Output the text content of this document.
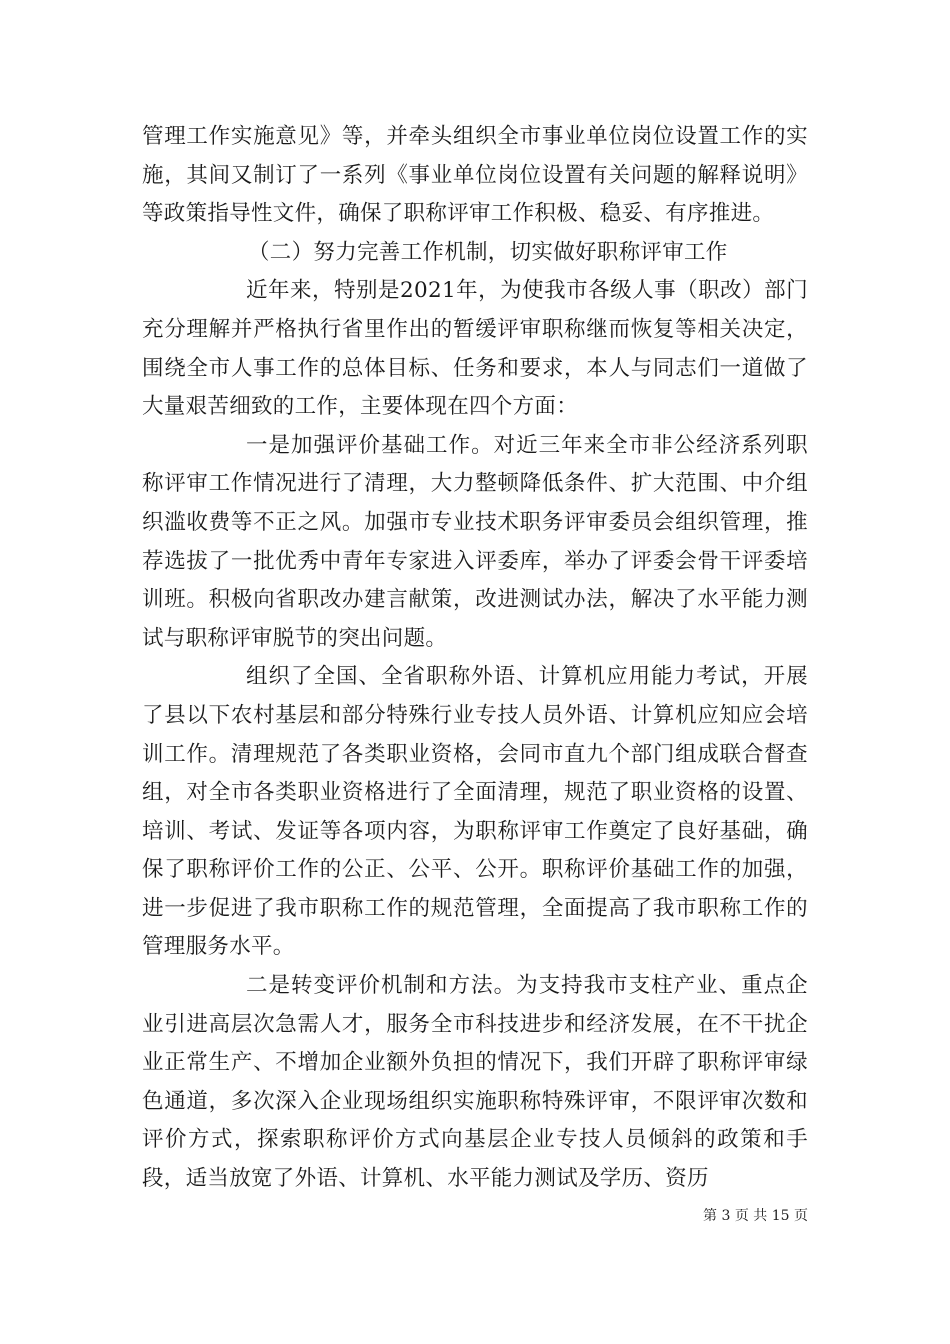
管理工作实施意见》等，并牵头组织全市事业单位岗位设置工作的实施，其间又制订了一系列《事业单位岗位设置有关问题的解释说明》等政策指导性文件，确保了职称评审工作积极、稳妥、有序推进。

（二）努力完善工作机制，切实做好职称评审工作

近年来，特别是2021年，为使我市各级人事（职改）部门充分理解并严格执行省里作出的暂缓评审职称继而恢复等相关决定，围绕全市人事工作的总体目标、任务和要求，本人与同志们一道做了大量艰苦细致的工作，主要体现在四个方面：

一是加强评价基础工作。对近三年来全市非公经济系列职称评审工作情况进行了清理，大力整顿降低条件、扩大范围、中介组织滥收费等不正之风。加强市专业技术职务评审委员会组织管理，推荐选拔了一批优秀中青年专家进入评委库，举办了评委会骨干评委培训班。积极向省职改办建言献策，改进测试办法，解决了水平能力测试与职称评审脱节的突出问题。

组织了全国、全省职称外语、计算机应用能力考试，开展了县以下农村基层和部分特殊行业专技人员外语、计算机应知应会培训工作。清理规范了各类职业资格，会同市直九个部门组成联合督查组，对全市各类职业资格进行了全面清理，规范了职业资格的设置、培训、考试、发证等各项内容，为职称评审工作奠定了良好基础，确保了职称评价工作的公正、公平、公开。职称评价基础工作的加强，进一步促进了我市职称工作的规范管理，全面提高了我市职称工作的管理服务水平。

二是转变评价机制和方法。为支持我市支柱产业、重点企业引进高层次急需人才，服务全市科技进步和经济发展，在不干扰企业正常生产、不增加企业额外负担的情况下，我们开辟了职称评审绿色通道，多次深入企业现场组织实施职称特殊评审，不限评审次数和评价方式，探索职称评价方式向基层企业专技人员倾斜的政策和手段，适当放宽了外语、计算机、水平能力测试及学历、资历

第 3 页 共 15 页
